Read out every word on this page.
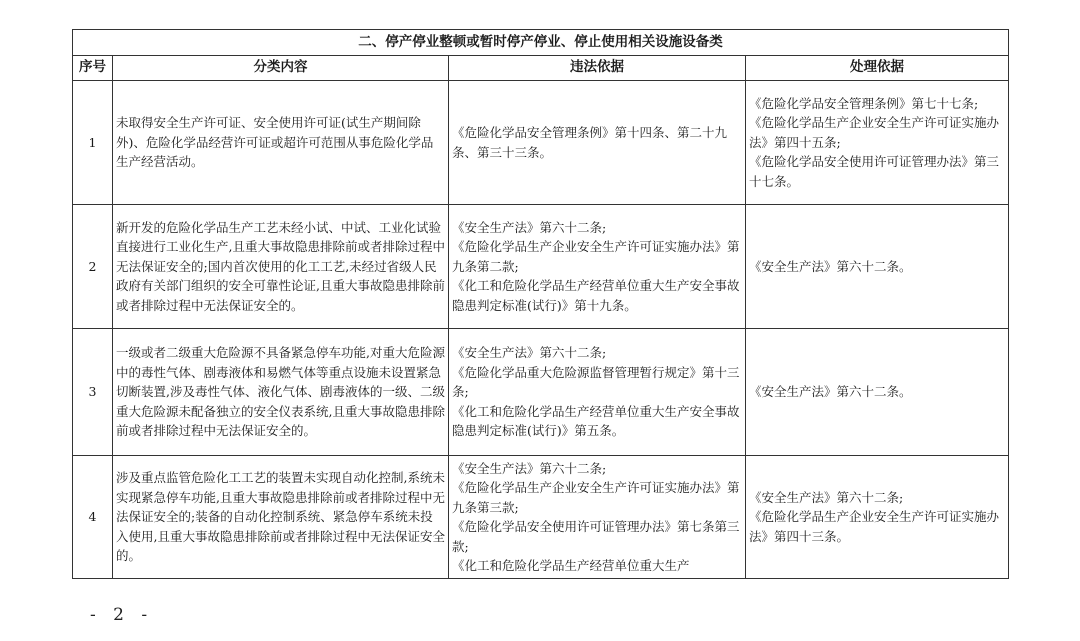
二、停产停业整顿或暂时停产停业、停止使用相关设施设备类			
序号	分类内容	违法依据	处理依据
1	未取得安全生产许可证、安全使用许可证(试生产期间除外)、危险化学品经营许可证或超许可范围从事危险化学品生产经营活动。	《危险化学品安全管理条例》第十四条、第二十九条、第三十三条。	《危险化学品安全管理条例》第七十七条;
《危险化学品生产企业安全生产许可证实施办法》第四十五条;
《危险化学品安全使用许可证管理办法》第三十七条。
2	新开发的危险化学品生产工艺未经小试、中试、工业化试验直接进行工业化生产,且重大事故隐患排除前或者排除过程中无法保证安全的;国内首次使用的化工工艺,未经过省级人民政府有关部门组织的安全可靠性论证,且重大事故隐患排除前或者排除过程中无法保证安全的。	《安全生产法》第六十二条;
《危险化学品生产企业安全生产许可证实施办法》第九条第二款;
《化工和危险化学品生产经营单位重大生产安全事故隐患判定标准(试行)》第十九条。	《安全生产法》第六十二条。
3	一级或者二级重大危险源不具备紧急停车功能,对重大危险源中的毒性气体、剧毒液体和易燃气体等重点设施未设置紧急切断装置,涉及毒性气体、液化气体、剧毒液体的一级、二级重大危险源未配备独立的安全仪表系统,且重大事故隐患排除前或者排除过程中无法保证安全的。	《安全生产法》第六十二条;
《危险化学品重大危险源监督管理暂行规定》第十三条;
《化工和危险化学品生产经营单位重大生产安全事故隐患判定标准(试行)》第五条。	《安全生产法》第六十二条。
4	涉及重点监管危险化工工艺的装置未实现自动化控制,系统未实现紧急停车功能,且重大事故隐患排除前或者排除过程中无法保证安全的;装备的自动化控制系统、紧急停车系统未投入使用,且重大事故隐患排除前或者排除过程中无法保证安全的。	《安全生产法》第六十二条;
《危险化学品生产企业安全生产许可证实施办法》第九条第三款;
《危险化学品安全使用许可证管理办法》第七条第三款;
《化工和危险化学品生产经营单位重大生产	《安全生产法》第六十二条;
《危险化学品生产企业安全生产许可证实施办法》第四十三条。
- 2 -
